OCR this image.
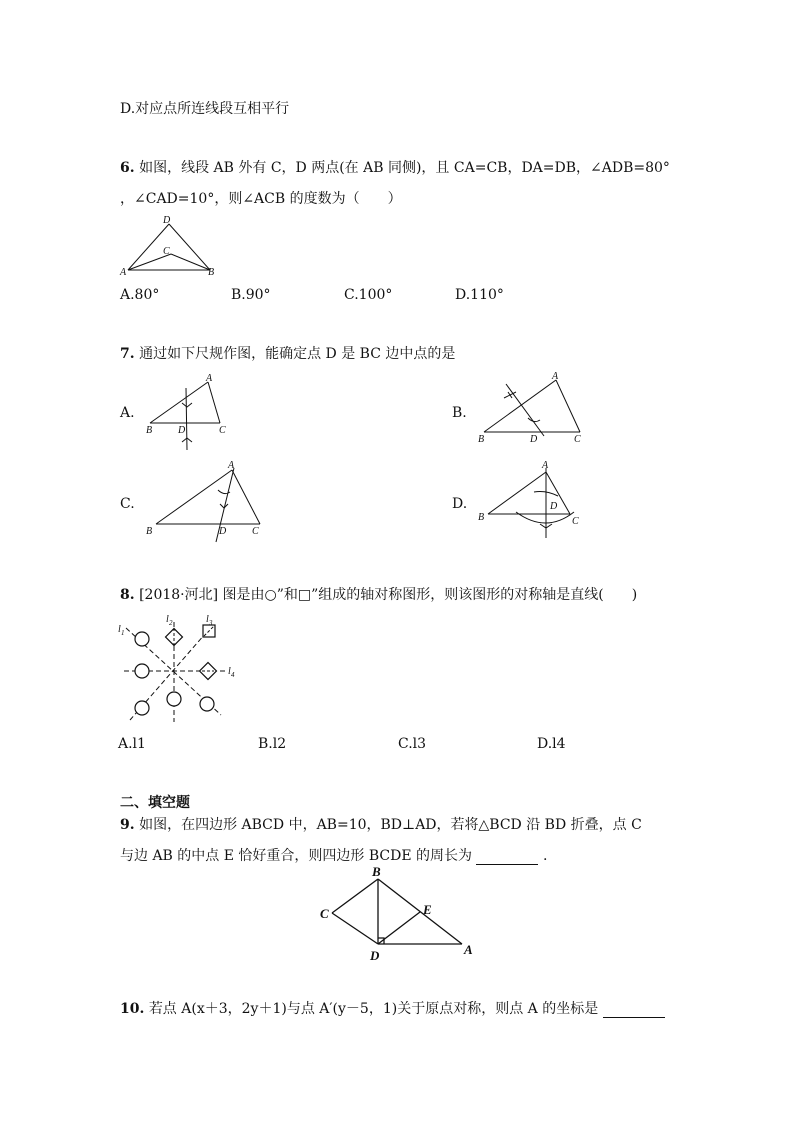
D.对应点所连线段互相平行
6. 如图，线段 AB 外有 C，D 两点(在 AB 同侧)，且 CA=CB，DA=DB，∠ADB=80°
，∠CAD=10°，则∠ACB 的度数为（　　）
A	B
C
D
A.80°	B.90°	C.100°	D.110°
7. 通过如下尺规作图，能确定点 D 是 BC 边中点的是
A.
A
B	C
D
B.
A
B	C
D
C.
A
B	C
D
D.
A
B	C
D
8. [2018·河北] 图是由○”和□”组成的轴对称图形，则该图形的对称轴是直线(　　)
l 1
l 2	l 3
l 4
A.l1	B.l2	C.l3	D.l4
二、填空题
9. 如图，在四边形 ABCD 中，AB=10，BD⊥AD，若将△BCD 沿 BD 折叠，点 C
与边 AB 的中点 E 恰好重合，则四边形 BCDE 的周长为	.
C
B
E
A
D
10. 若点 A(x＋3，2y＋1)与点 A′(y－5，1)关于原点对称，则点 A 的坐标是
